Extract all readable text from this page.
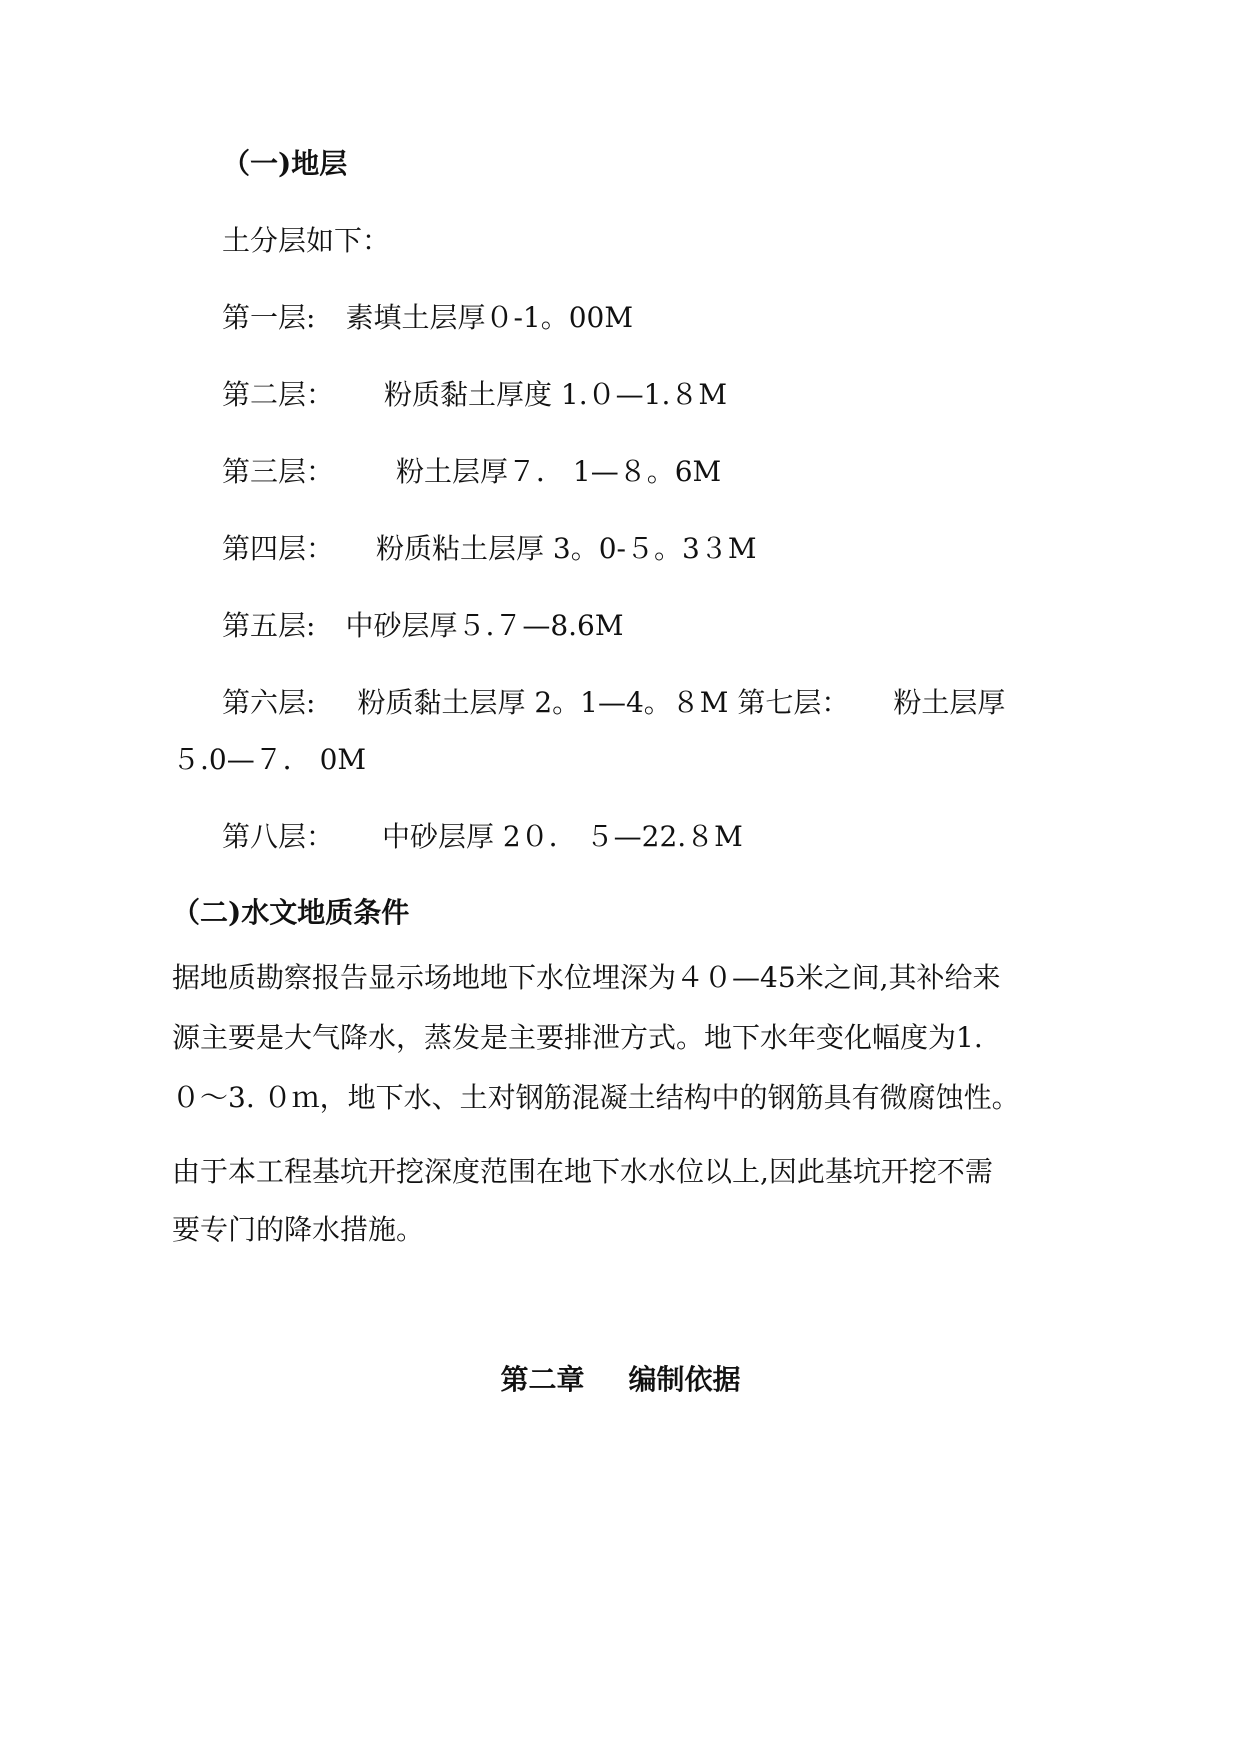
（一)地层
土分层如下：
第一层: 素填土层厚０-1。00M
第二层： 粉质黏土厚度 1.０—1.８M
第三层： 粉土层厚７． 1—８。6M
第四层： 粉质粘土层厚 3。0-５。3３M
第五层: 中砂层厚５.７—8.6M
第六层: 粉质黏土层厚 2。1—4。８M 第七层： 粉土层厚
５.0—７． 0M
第八层： 中砂层厚 2０． ５—22.８M
（二)水文地质条件
据地质勘察报告显示场地地下水位埋深为４０—45米之间,其补给来
源主要是大气降水，蒸发是主要排泄方式。地下水年变化幅度为1.
０～3. ０ｍ，地下水、土对钢筋混凝土结构中的钢筋具有微腐蚀性。
由于本工程基坑开挖深度范围在地下水水位以上,因此基坑开挖不需
要专门的降水措施。
第二章 编制依据
